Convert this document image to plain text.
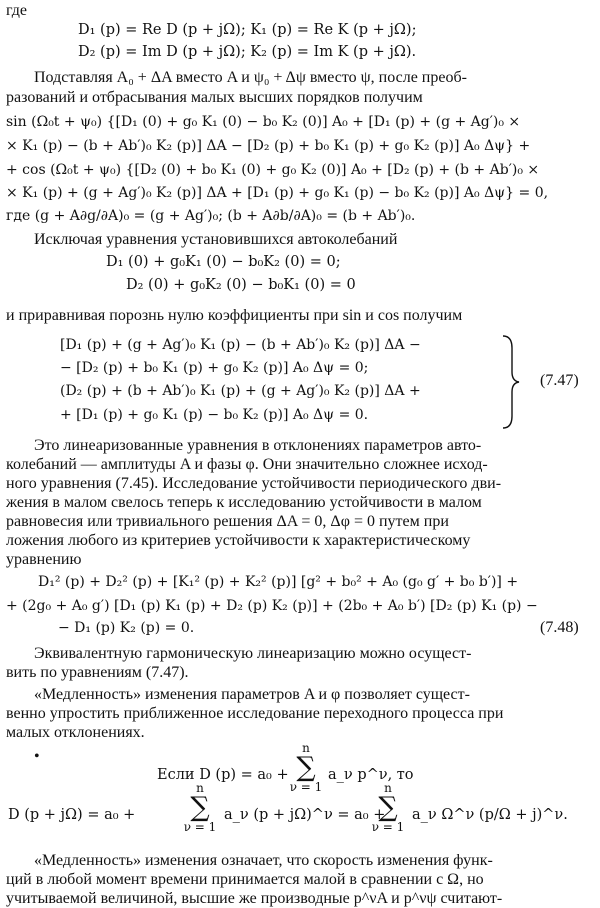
где
D₁ (p) = Re D (p + jΩ); K₁ (p) = Re K (p + jΩ);
D₂ (p) = Im D (p + jΩ); K₂ (p) = Im K (p + jΩ).
Подставляя A₀ + ΔA вместо A и ψ₀ + Δψ вместо ψ, после преоб-
разований и отбрасывания малых высших порядков получим
sin (Ω₀t + ψ₀) {[D₁ (0) + g₀ K₁ (0) − b₀ K₂ (0)] A₀ + [D₁ (p) + (g + Ag′)₀ ×
× K₁ (p) − (b + Ab′)₀ K₂ (p)] ΔA − [D₂ (p) + b₀ K₁ (p) + g₀ K₂ (p)] A₀ Δψ} +
+ cos (Ω₀t + ψ₀) {[D₂ (0) + b₀ K₁ (0) + g₀ K₂ (0)] A₀ + [D₂ (p) + (b + Ab′)₀ ×
× K₁ (p) + (g + Ag′)₀ K₂ (p)] ΔA + [D₁ (p) + g₀ K₁ (p) − b₀ K₂ (p)] A₀ Δψ} = 0,
где (g + A∂g/∂A)₀ = (g + Ag′)₀; (b + A∂b/∂A)₀ = (b + Ab′)₀.
Исключая уравнения установившихся автоколебаний
D₁ (0) + g₀K₁ (0) − b₀K₂ (0) = 0;
D₂ (0) + g₀K₂ (0) − b₀K₁ (0) = 0
и приравнивая порознь нулю коэффициенты при sin и cos получим
[D₁ (p) + (g + Ag′)₀ K₁ (p) − (b + Ab′)₀ K₂ (p)] ΔA −
− [D₂ (p) + b₀ K₁ (p) + g₀ K₂ (p)] A₀ Δψ = 0;
(D₂ (p) + (b + Ab′)₀ K₁ (p) + (g + Ag′)₀ K₂ (p)] ΔA +
+ [D₁ (p) + g₀ K₁ (p) − b₀ K₂ (p)] A₀ Δψ = 0.
(7.47)
Это линеаризованные уравнения в отклонениях параметров авто-
колебаний — амплитуды A и фазы φ. Они значительно сложнее исход-
ного уравнения (7.45). Исследование устойчивости периодического дви-
жения в малом свелось теперь к исследованию устойчивости в малом
равновесия или тривиального решения ΔA = 0, Δφ = 0 путем при
ложения любого из критериев устойчивости к характеристическому
уравнению
D₁² (p) + D₂² (p) + [K₁² (p) + K₂² (p)] [g² + b₀² + A₀ (g₀ g′ + b₀ b′)] +
+ (2g₀ + A₀ g′) [D₁ (p) K₁ (p) + D₂ (p) K₂ (p)] + (2b₀ + A₀ b′) [D₂ (p) K₁ (p) −
− D₁ (p) K₂ (p) = 0.	(7.48)
Эквивалентную гармоническую линеаризацию можно осущест-
вить по уравнениям (7.47).
«Медленность» изменения параметров A и φ позволяет сущест-
венно упростить приближенное исследование переходного процесса при
малых отклонениях.
•
Если D (p) = a₀ +
n
∑
ν = 1
a_ν p^ν, то
D (p + jΩ) = a₀ +
n
∑
ν = 1
a_ν (p + jΩ)^ν = a₀ +
n
∑
ν = 1
a_ν Ω^ν (p/Ω + j)^ν.
«Медленность» изменения означает, что скорость изменения функ-
ций в любой момент времени принимается малой в сравнении с Ω, но
учитываемой величиной, высшие же производные p^νA и p^νψ считают-
